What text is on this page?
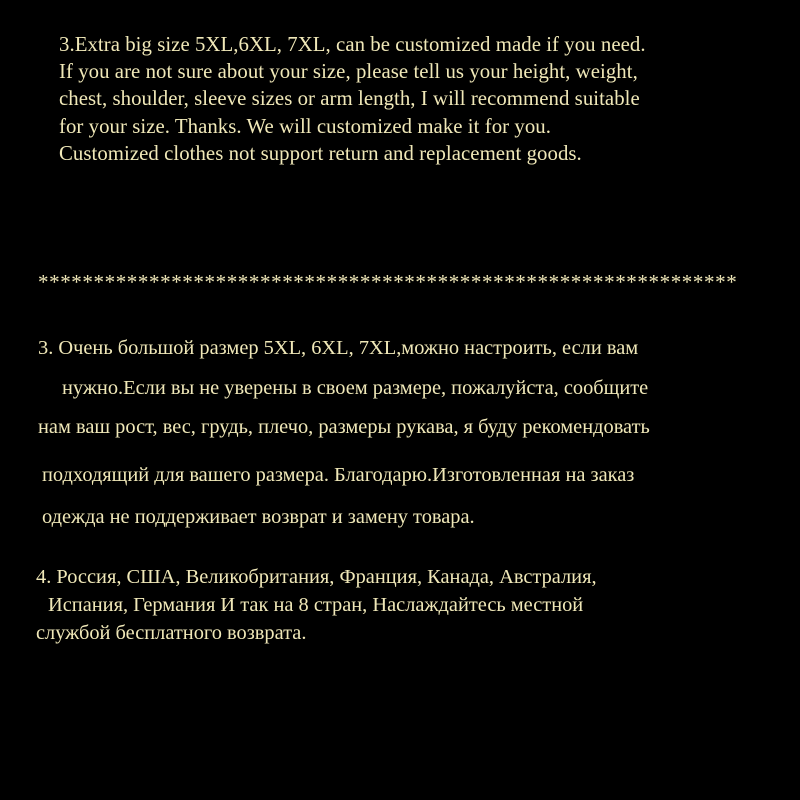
3.Extra big size 5XL,6XL, 7XL, can be customized made if you need.
If you are not sure about your size, please tell us your height, weight,
chest, shoulder, sleeve sizes or arm length, I will recommend suitable
for your size. Thanks. We will customized make it for you.
Customized clothes not support return and replacement goods.
***************************************************************
3. Очень большой размер 5XL, 6XL, 7XL,можно настроить, если вам
нужно.Если вы не уверены в своем размере, пожалуйста, сообщите
нам ваш рост, вес, грудь, плечо, размеры рукава, я буду рекомендовать
подходящий для вашего размера. Благодарю.Изготовленная на заказ
одежда не поддерживает возврат и замену товара.
4. Россия, США, Великобритания, Франция, Канада, Австралия,
Испания, Германия И так на 8 стран, Наслаждайтесь местной
службой бесплатного возврата.
